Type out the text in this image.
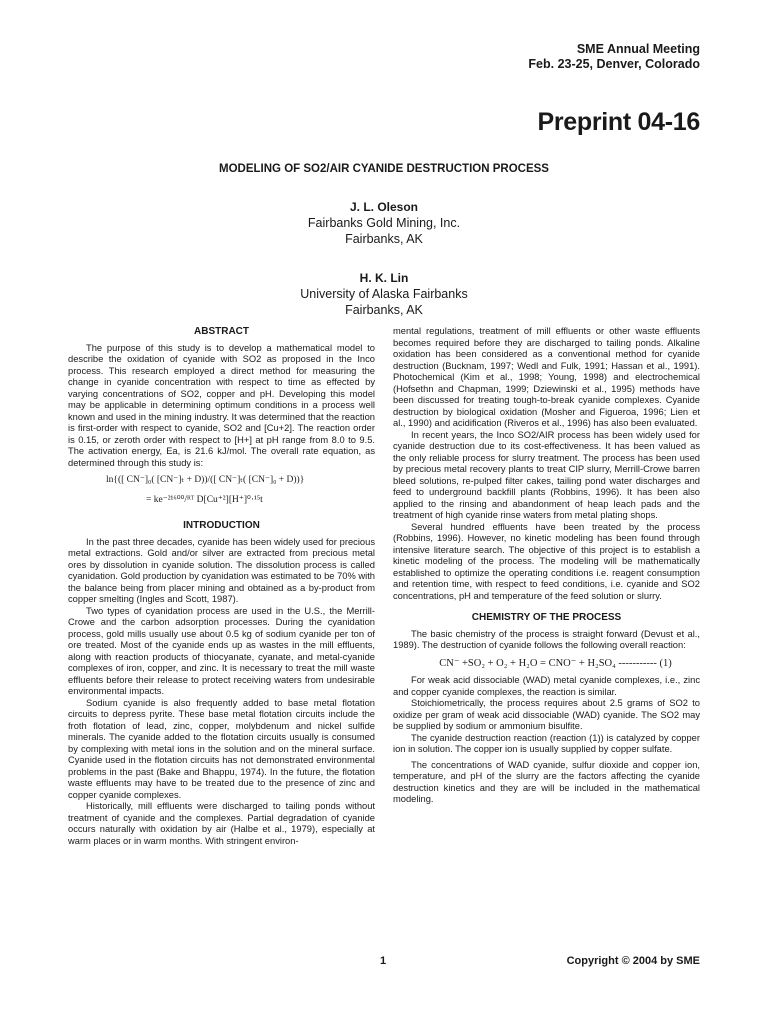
SME Annual Meeting
Feb. 23-25, Denver, Colorado
Preprint 04-16
MODELING OF SO2/AIR CYANIDE DESTRUCTION PROCESS
J. L. Oleson
Fairbanks Gold Mining, Inc.
Fairbanks, AK
H. K. Lin
University of Alaska Fairbanks
Fairbanks, AK
ABSTRACT

The purpose of this study is to develop a mathematical model to describe the oxidation of cyanide with SO2 as proposed in the Inco process. This research employed a direct method for measuring the change in cyanide concentration with respect to time as effected by varying concentrations of SO2, copper and pH. Developing this model may be applicable in determining optimum conditions in a process well known and used in the mining industry. It was determined that the reaction is first-order with respect to cyanide, SO2 and [Cu+2]. The reaction order is 0.15, or zeroth order with respect to [H+] at pH range from 8.0 to 9.5. The activation energy, Ea, is 21.6 kJ/mol. The overall rate equation, as determined through this study is:

ln{([ CN⁻]₀( [CN⁻]ₜ + D))/([ CN⁻]ₜ( [CN⁻]₀ + D))}

= kе⁻²¹⁶⁰⁰/ᴿᵀ D[Cu⁺²][H⁺]⁰·¹⁵t

INTRODUCTION

In the past three decades, cyanide has been widely used for precious metal extractions. Gold and/or silver are extracted from precious metal ores by dissolution in cyanide solution. The dissolution process is called cyanidation. Gold production by cyanidation was estimated to be 70% with the balance being from placer mining and obtained as a by-product from copper smelting (Ingles and Scott, 1987).

Two types of cyanidation process are used in the U.S., the Merrill-Crowe and the carbon adsorption processes. During the cyanidation process, gold mills usually use about 0.5 kg of sodium cyanide per ton of ore treated. Most of the cyanide ends up as wastes in the mill effluents, along with reaction products of thiocyanate, cyanate, and metal-cyanide complexes of iron, copper, and zinc. It is necessary to treat the mill waste effluents before their release to protect receiving waters from undesirable environmental impacts.

Sodium cyanide is also frequently added to base metal flotation circuits to depress pyrite. These base metal flotation circuits include the froth flotation of lead, zinc, copper, molybdenum and nickel sulfide minerals. The cyanide added to the flotation circuits usually is consumed by complexing with metal ions in the solution and on the mineral surface. Cyanide used in the flotation circuits has not demonstrated environmental problems in the past (Bake and Bhappu, 1974). In the future, the flotation waste effluents may have to be treated due to the presence of zinc and copper cyanide complexes.

Historically, mill effluents were discharged to tailing ponds without treatment of cyanide and the complexes. Partial degradation of cyanide occurs naturally with oxidation by air (Halbe et al., 1979), especially at warm places or in warm months. With stringent environ-

mental regulations, treatment of mill effluents or other waste effluents becomes required before they are discharged to tailing ponds. Alkaline oxidation has been considered as a conventional method for cyanide destruction (Bucknam, 1997; Wedl and Fulk, 1991; Hassan et al., 1991). Photochemical (Kim et al., 1998; Young, 1998) and electrochemical (Hofsethn and Chapman, 1999; Dziewinski et al., 1995) methods have been discussed for treating tough-to-break cyanide complexes. Cyanide destruction by biological oxidation (Mosher and Figueroa, 1996; Lien et al., 1990) and acidification (Riveros et al., 1996) has also been evaluated.

In recent years, the Inco SO2/AIR process has been widely used for cyanide destruction due to its cost-effectiveness. It has been valued as the only reliable process for slurry treatment. The process has been used by precious metal recovery plants to treat CIP slurry, Merrill-Crowe barren bleed solutions, re-pulped filter cakes, tailing pond water discharges and feed to underground backfill plants (Robbins, 1996). It has been also applied to the rinsing and abandonment of heap leach pads and the treatment of high cyanide rinse waters from metal plating shops.

Several hundred effluents have been treated by the process (Robbins, 1996). However, no kinetic modeling has been found through intensive literature search. The objective of this project is to establish a kinetic modeling of the process. The modeling will be mathematically established to optimize the operating conditions i.e. reagent consumption and retention time, with respect to feed conditions, i.e. cyanide and SO2 concentrations, pH and temperature of the feed solution or slurry.

CHEMISTRY OF THE PROCESS

The basic chemistry of the process is straight forward (Devust et al., 1989). The destruction of cyanide follows the following overall reaction:

CN⁻ +SO₂ + O₂ + H₂O = CNO⁻ + H₂SO₄ ----------- (1)

For weak acid dissociable (WAD) metal cyanide complexes, i.e., zinc and copper cyanide complexes, the reaction is similar.

Stoichiometrically, the process requires about 2.5 grams of SO2 to oxidize per gram of weak acid dissociable (WAD) cyanide. The SO2 may be supplied by sodium or ammonium bisulfite.

The cyanide destruction reaction (reaction (1)) is catalyzed by copper ion in solution. The copper ion is usually supplied by copper sulfate.

The concentrations of WAD cyanide, sulfur dioxide and copper ion, temperature, and pH of the slurry are the factors affecting the cyanide destruction kinetics and they are will be included in the mathematical modeling.

1	Copyright © 2004 by SME
